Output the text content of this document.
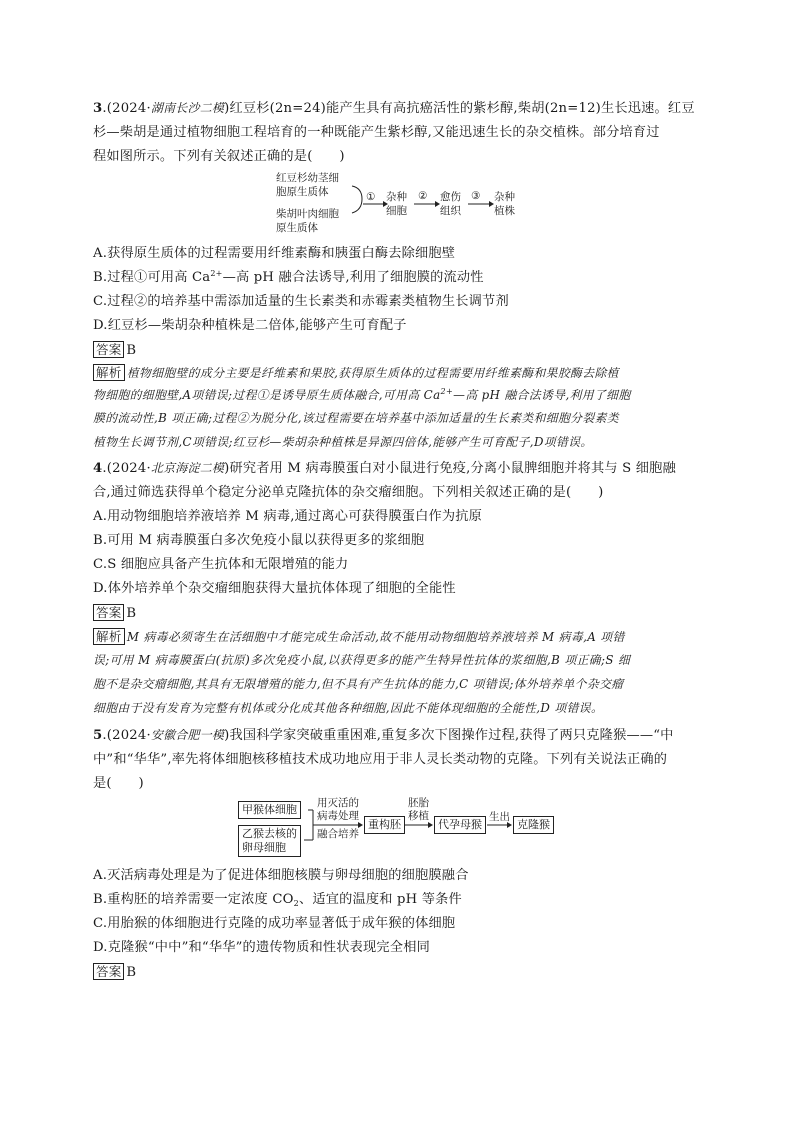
3.(2024·湖南长沙二模)红豆杉(2n=24)能产生具有高抗癌活性的紫杉醇,柴胡(2n=12)生长迅速。红豆
杉—柴胡是通过植物细胞工程培育的一种既能产生紫杉醇,又能迅速生长的杂交植株。部分培育过
程如图所示。下列有关叙述正确的是(　　)
红豆杉幼茎细
胞原生质体
柴胡叶肉细胞
原生质体
① 杂种
细胞
② 愈伤
组织
③ 杂种
植株
A.获得原生质体的过程需要用纤维素酶和胰蛋白酶去除细胞壁
B.过程①可用高 $Ca^{2+}—$高 pH 融合法诱导,利用了细胞膜的流动性
C.过程②的培养基中需添加适量的生长素类和赤霉素类植物生长调节剂
D.红豆杉—柴胡杂种植株是二倍体,能够产生可育配子
答案 B
解析 植物细胞壁的成分主要是纤维素和果胶,获得原生质体的过程需要用纤维素酶和果胶酶去除植
物细胞的细胞壁,A项错误;过程①是诱导原生质体融合,可用高 $Ca^{2+}—$高 pH 融合法诱导,利用了细胞
膜的流动性,B 项正确;过程②为脱分化,该过程需要在培养基中添加适量的生长素类和细胞分裂素类
植物生长调节剂,C项错误;红豆杉—柴胡杂种植株是异源四倍体,能够产生可育配子,D项错误。
4.(2024·北京海淀二模)研究者用 M 病毒膜蛋白对小鼠进行免疫,分离小鼠脾细胞并将其与 S 细胞融
合,通过筛选获得单个稳定分泌单克隆抗体的杂交瘤细胞。下列相关叙述正确的是(　　)
A.用动物细胞培养液培养 M 病毒,通过离心可获得膜蛋白作为抗原
B.可用 M 病毒膜蛋白多次免疫小鼠以获得更多的浆细胞
C.S 细胞应具备产生抗体和无限增殖的能力
D.体外培养单个杂交瘤细胞获得大量抗体体现了细胞的全能性
答案 B
解析 M 病毒必须寄生在活细胞中才能完成生命活动,故不能用动物细胞培养液培养 M 病毒,A 项错
误;可用 M 病毒膜蛋白(抗原)多次免疫小鼠,以获得更多的能产生特异性抗体的浆细胞,B 项正确;S 细
胞不是杂交瘤细胞,其具有无限增殖的能力,但不具有产生抗体的能力,C 项错误;体外培养单个杂交瘤
细胞由于没有发育为完整有机体或分化成其他各种细胞,因此不能体现细胞的全能性,D 项错误。
5.(2024·安徽合肥一模)我国科学家突破重重困难,重复多次下图操作过程,获得了两只克隆猴——“中
中”和“华华”,率先将体细胞核移植技术成功地应用于非人灵长类动物的克隆。下列有关说法正确的
是(　　)
甲猴体细胞
乙猴去核的
卵母细胞
用灭活的
病毒处理
融合培养
重构胚
胚胎
移植
代孕母猴
生出
克隆猴
A.灭活病毒处理是为了促进体细胞核膜与卵母细胞的细胞膜融合
B.重构胚的培养需要一定浓度 $CO_2$、适宜的温度和 pH 等条件
C.用胎猴的体细胞进行克隆的成功率显著低于成年猴的体细胞
D.克隆猴“中中”和“华华”的遗传物质和性状表现完全相同
答案 B
